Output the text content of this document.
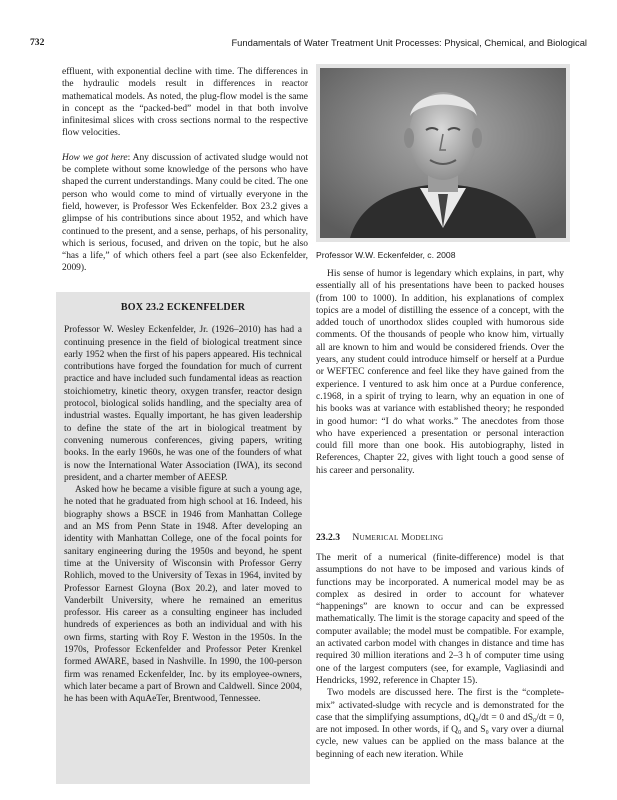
732	Fundamentals of Water Treatment Unit Processes: Physical, Chemical, and Biological

effluent, with exponential decline with time. The differences in the hydraulic models result in differences in reactor mathematical models. As noted, the plug-flow model is the same in concept as the “packed-bed” model in that both involve infinitesimal slices with cross sections normal to the respective flow velocities.

How we got here: Any discussion of activated sludge would not be complete without some knowledge of the persons who have shaped the current understandings. Many could be cited. The one person who would come to mind of virtually everyone in the field, however, is Professor Wes Eckenfelder. Box 23.2 gives a glimpse of his contributions since about 1952, and which have continued to the present, and a sense, perhaps, of his personality, which is serious, focused, and driven on the topic, but he also “has a life,” of which others feel a part (see also Eckenfelder, 2009).

BOX 23.2 ECKENFELDER

Professor W. Wesley Eckenfelder, Jr. (1926–2010) has had a continuing presence in the field of biological treatment since early 1952 when the first of his papers appeared. His technical contributions have forged the foundation for much of current practice and have included such fundamental ideas as reaction stoichiometry, kinetic theory, oxygen transfer, reactor design protocol, biological solids handling, and the specialty area of industrial wastes. Equally important, he has given leadership to define the state of the art in biological treatment by convening numerous conferences, giving papers, writing books. In the early 1960s, he was one of the founders of what is now the International Water Association (IWA), its second president, and a charter member of AEESP.

Asked how he became a visible figure at such a young age, he noted that he graduated from high school at 16. Indeed, his biography shows a BSCE in 1946 from Manhattan College and an MS from Penn State in 1948. After developing an identity with Manhattan College, one of the focal points for sanitary engineering during the 1950s and beyond, he spent time at the University of Wisconsin with Professor Gerry Rohlich, moved to the University of Texas in 1964, invited by Professor Earnest Gloyna (Box 20.2), and later moved to Vanderbilt University, where he remained an emeritus professor. His career as a consulting engineer has included hundreds of experiences as both an individual and with his own firms, starting with Roy F. Weston in the 1950s. In the 1970s, Professor Eckenfelder and Professor Peter Krenkel formed AWARE, based in Nashville. In 1990, the 100-person firm was renamed Eckenfelder, Inc. by its employee-owners, which later became a part of Brown and Caldwell. Since 2004, he has been with AquAeTer, Brentwood, Tennessee.

Professor W.W. Eckenfelder, c. 2008

His sense of humor is legendary which explains, in part, why essentially all of his presentations have been to packed houses (from 100 to 1000). In addition, his explanations of complex topics are a model of distilling the essence of a concept, with the added touch of unorthodox slides coupled with humorous side comments. Of the thousands of people who know him, virtually all are known to him and would be considered friends. Over the years, any student could introduce himself or herself at a Purdue or WEFTEC conference and feel like they have gained from the experience. I ventured to ask him once at a Purdue conference, c.1968, in a spirit of trying to learn, why an equation in one of his books was at variance with established theory; he responded in good humor: “I do what works.” The anecdotes from those who have experienced a presentation or personal interaction could fill more than one book. His autobiography, listed in References, Chapter 22, gives with light touch a good sense of his career and personality.

23.2.3 Numerical Modeling

The merit of a numerical (finite-difference) model is that assumptions do not have to be imposed and various kinds of functions may be incorporated. A numerical model may be as complex as desired in order to account for whatever “happenings” are known to occur and can be expressed mathematically. The limit is the storage capacity and speed of the computer available; the model must be compatible. For example, an activated carbon model with changes in distance and time has required 30 million iterations and 2–3 h of computer time using one of the largest computers (see, for example, Vagliasindi and Hendricks, 1992, reference in Chapter 15).

Two models are discussed here. The first is the “complete-mix” activated-sludge with recycle and is demonstrated for the case that the simplifying assumptions, dQ₀/dt = 0 and dS₀/dt = 0, are not imposed. In other words, if Q₀ and S₀ vary over a diurnal cycle, new values can be applied on the mass balance at the beginning of each new iteration. While
